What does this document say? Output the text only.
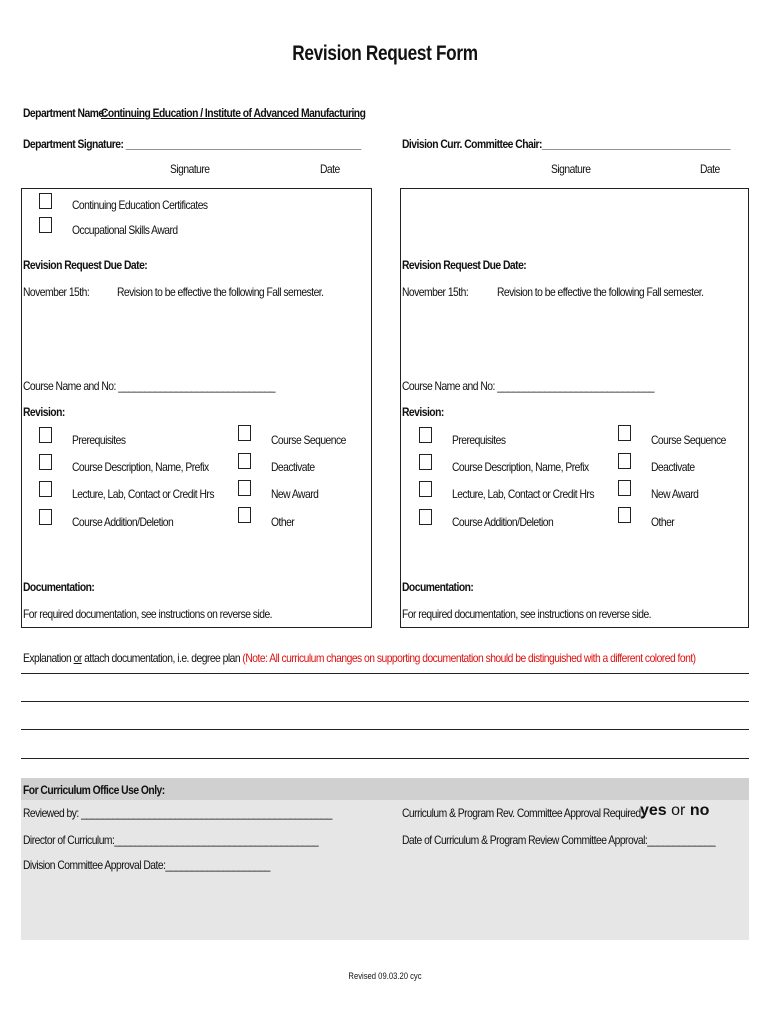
Revision Request Form
Department Name:
Continuing Education / Institute of Advanced Manufacturing
Department Signature: _____________________________________________
Signature	Date
Division Curr. Committee Chair:____________________________________
Signature	Date
Continuing Education Certificates
Occupational Skills Award
Revision Request Due Date:
November 15th: Revision to be effective the following Fall semester.
Course Name and No: ______________________________
Revision:
Prerequisites
Course Description, Name, Prefix
Lecture, Lab, Contact or Credit Hrs
Course Addition/Deletion
Course Sequence
Deactivate
New Award
Other
Documentation:
For required documentation, see instructions on reverse side.
Revision Request Due Date:
November 15th: Revision to be effective the following Fall semester.
Course Name and No: ______________________________
Revision:
Prerequisites
Course Description, Name, Prefix
Lecture, Lab, Contact or Credit Hrs
Course Addition/Deletion
Course Sequence
Deactivate
New Award
Other
Documentation:
For required documentation, see instructions on reverse side.
Explanation or attach documentation, i.e. degree plan (Note: All curriculum changes on supporting documentation should be distinguished with a different colored font)
For Curriculum Office Use Only:
Reviewed by: ________________________________________________
Director of Curriculum:_______________________________________
Division Committee Approval Date:____________________
Curriculum & Program Rev. Committee Approval Required:
yes or no
Date of Curriculum & Program Review Committee Approval:_____________
Revised 09.03.20 cyc
